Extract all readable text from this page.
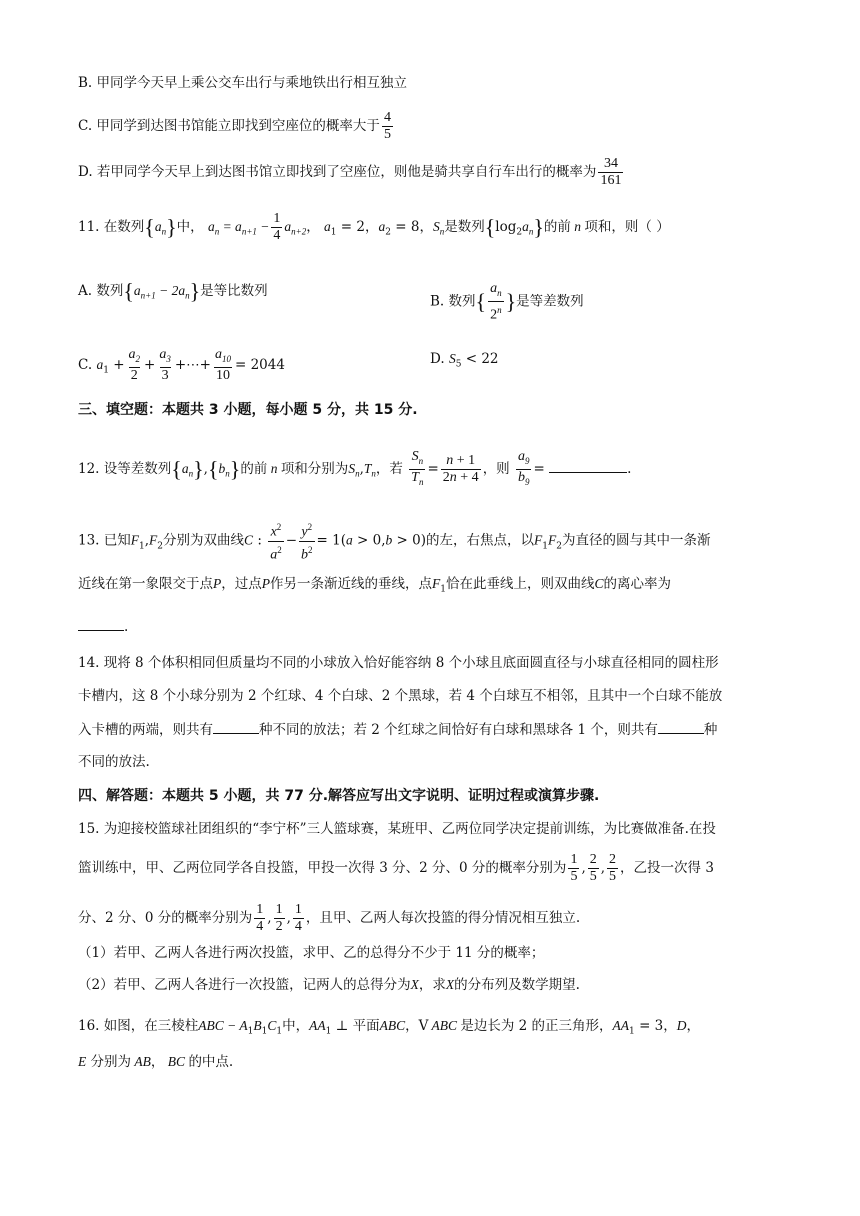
B. 甲同学今天早上乘公交车出行与乘地铁出行相互独立
C. 甲同学到达图书馆能立即找到空座位的概率大于 $\frac{4}{5}$
D. 若甲同学今天早上到达图书馆立即找到了空座位，则他是骑共享自行车出行的概率为 $\frac{34}{161}$
11. 在数列$\{a_n\}$中， $a_n = a_{n+1} - \frac{1}{4} a_{n+2}$， $a_1 = 2$，$a_2 = 8$，$S_n$是数列$\{\log_2a_n\}$的前 n 项和，则（ ）
A. 数列$\{a_{n+1} - 2a_n\}$是等比数列
B. 数列{ $\frac{a_n}{2^n}$ }是等差数列
C. $a_1 + \frac{a_2}{2} + \frac{a_3}{3}$ +⋯+ $\frac{a_{10}}{10} = 2044$	D. $S_5 < 22$
三、填空题：本题共 3 小题，每小题 5 分，共 15 分.
12. 设等差数列$\{a_n\},\{b_n\}$的前 n 项和分别为$S_n,T_n$，若 $\frac{S_n}{T_n} = \frac{n + 1}{2n + 4}$ ，则 $\frac{a_9}{b_9}$ =	.
13. 已知$F_1,F_2$分别为双曲线C : $\frac{x^2}{a^2} - \frac{y^2}{b^2} = 1(a > 0,b > 0)$的左，右焦点，以$F_1F_2$为直径的圆与其中一条渐
近线在第一象限交于点P，过点P作另一条渐近线的垂线，点$F_1$恰在此垂线上，则双曲线C的离心率为
.
14. 现将 8 个体积相同但质量均不同的小球放入恰好能容纳 8 个小球且底面圆直径与小球直径相同的圆柱形
卡槽内，这 8 个小球分别为 2 个红球、4 个白球、2 个黑球，若 4 个白球互不相邻，且其中一个白球不能放
入卡槽的两端，则共有	种不同的放法；若 2 个红球之间恰好有白球和黑球各 1 个，则共有	种
不同的放法.
四、解答题：本题共 5 小题，共 77 分.解答应写出文字说明、证明过程或演算步骤.
15. 为迎接校篮球社团组织的“李宁杯”三人篮球赛，某班甲、乙两位同学决定提前训练，为比赛做准备.在投
篮训练中，甲、乙两位同学各自投篮，甲投一次得 3 分、2 分、0 分的概率分别为 $\frac{1}{5}$ , $\frac{2}{5}$ , $\frac{2}{5}$ ，乙投一次得 3
分、2 分、0 分的概率分别为 $\frac{1}{4}$ , $\frac{1}{2}$ , $\frac{1}{4}$ ，且甲、乙两人每次投篮的得分情况相互独立.
（1）若甲、乙两人各进行两次投篮，求甲、乙的总得分不少于 11 分的概率；
（2）若甲、乙两人各进行一次投篮，记两人的总得分为X，求X的分布列及数学期望.
16. 如图，在三棱柱ABC − $A_1B_1C_1$中，$AA_1$ ⊥ 平面ABC，V ABC 是边长为 2 的正三角形，$AA_1 = 3$，D，
E 分别为 AB， BC 的中点.
